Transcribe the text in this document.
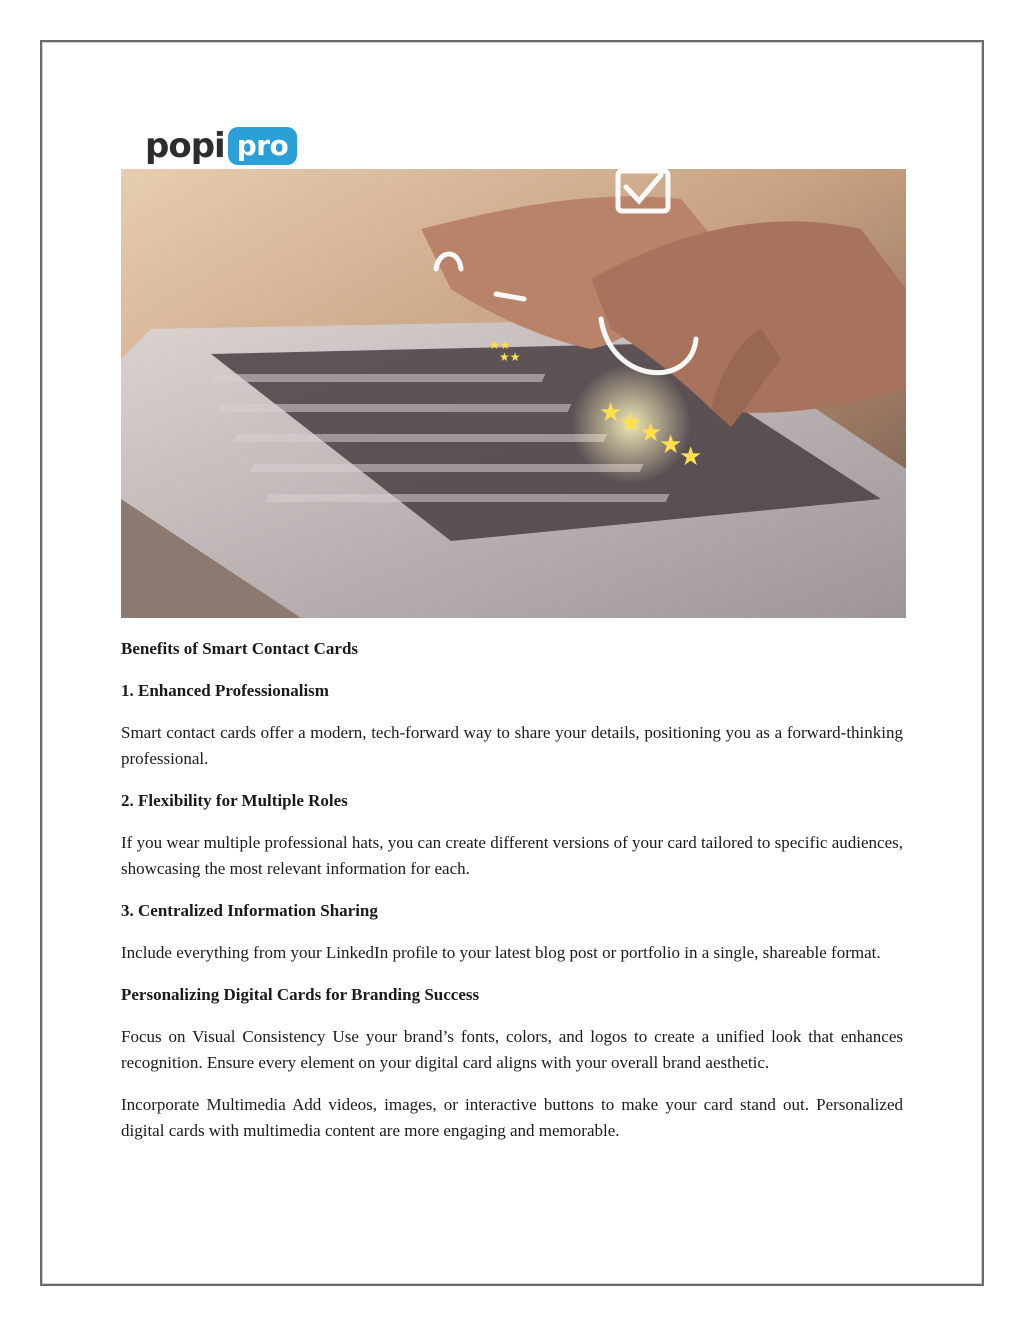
popi pro
★
★
★
★
★
★★
★★
Benefits of Smart Contact Cards
1. Enhanced Professionalism
Smart contact cards offer a modern, tech-forward way to share your details, positioning you as a forward-thinking professional.
2. Flexibility for Multiple Roles
If you wear multiple professional hats, you can create different versions of your card tailored to specific audiences, showcasing the most relevant information for each.
3. Centralized Information Sharing
Include everything from your LinkedIn profile to your latest blog post or portfolio in a single, shareable format.
Personalizing Digital Cards for Branding Success
Focus on Visual Consistency Use your brand’s fonts, colors, and logos to create a unified look that enhances recognition. Ensure every element on your digital card aligns with your overall brand aesthetic.
Incorporate Multimedia Add videos, images, or interactive buttons to make your card stand out. Personalized digital cards with multimedia content are more engaging and memorable.
